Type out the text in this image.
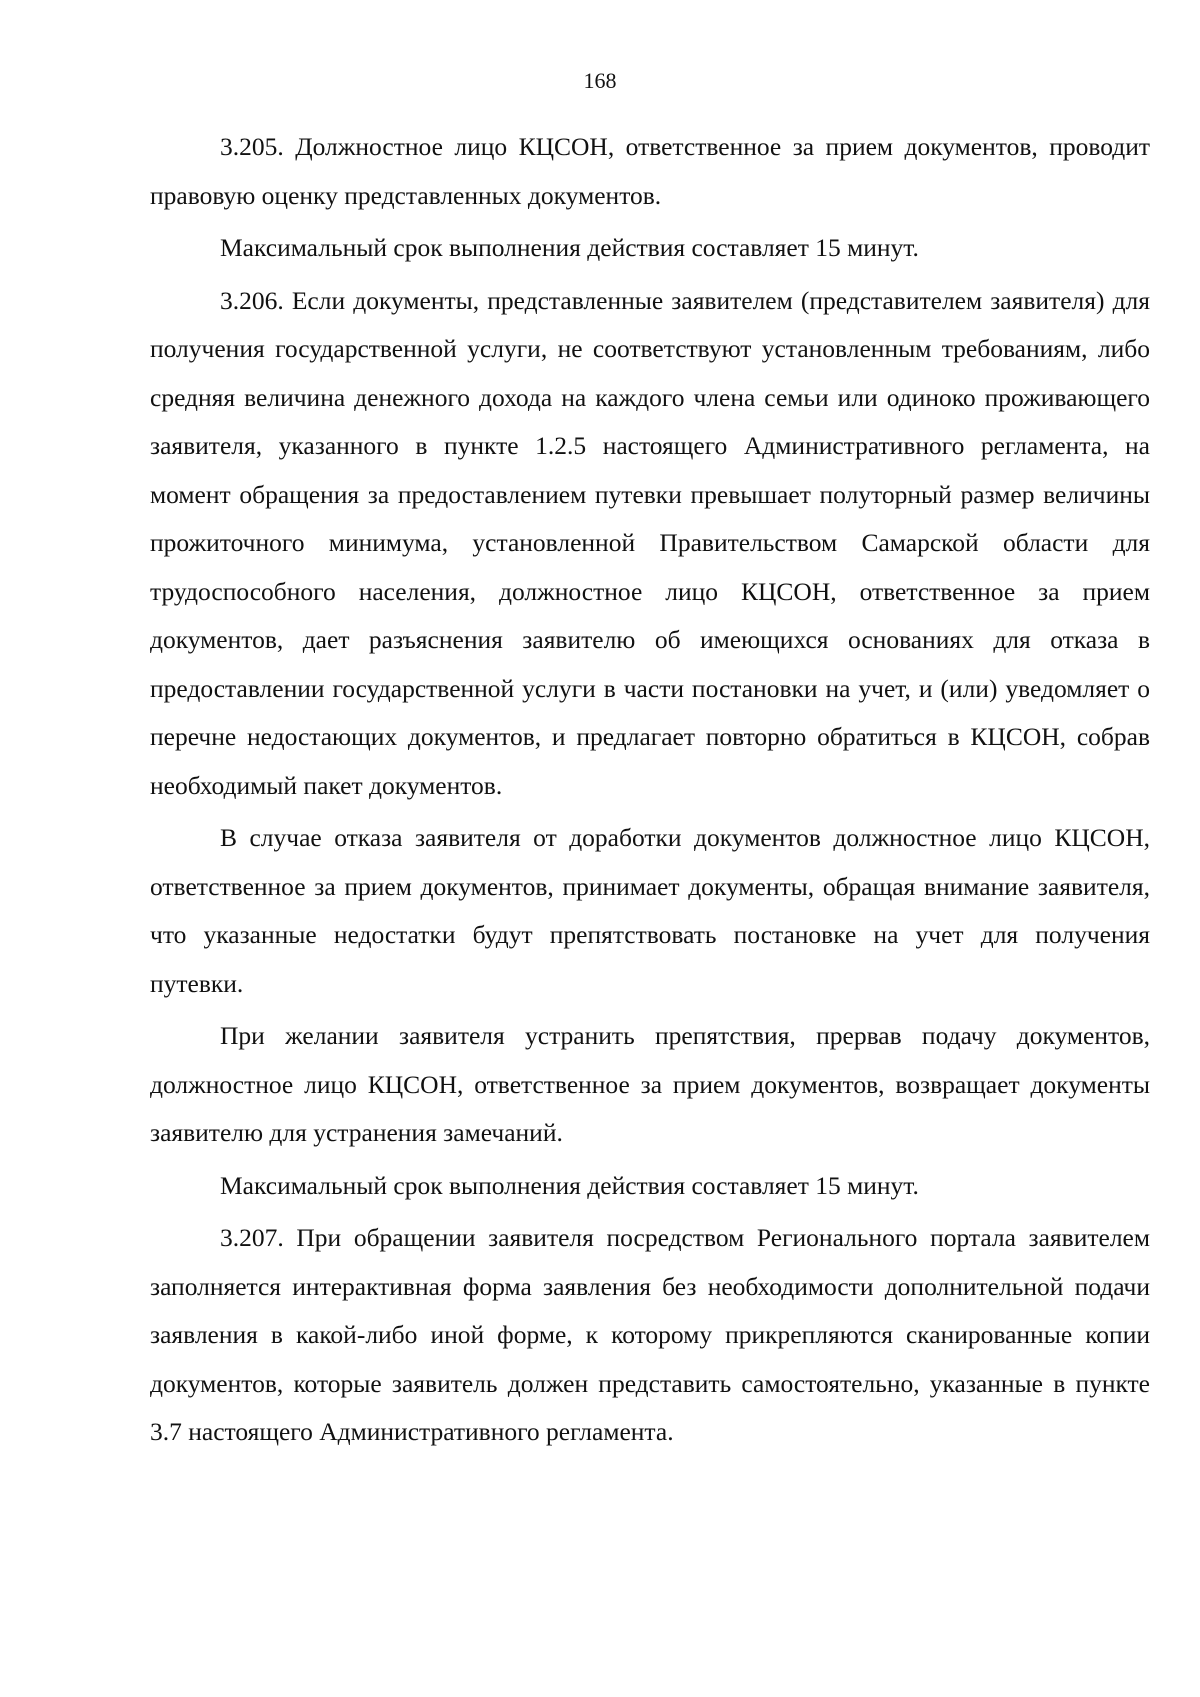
168

3.205. Должностное лицо КЦСОН, ответственное за прием документов, проводит правовую оценку представленных документов.

Максимальный срок выполнения действия составляет 15 минут.

3.206. Если документы, представленные заявителем (представителем заявителя) для получения государственной услуги, не соответствуют установленным требованиям, либо средняя величина денежного дохода на каждого члена семьи или одиноко проживающего заявителя, указанного в пункте 1.2.5 настоящего Административного регламента, на момент обращения за предоставлением путевки превышает полуторный размер величины прожиточного минимума, установленной Правительством Самарской области для трудоспособного населения, должностное лицо КЦСОН, ответственное за прием документов, дает разъяснения заявителю об имеющихся основаниях для отказа в предоставлении государственной услуги в части постановки на учет, и (или) уведомляет о перечне недостающих документов, и предлагает повторно обратиться в КЦСОН, собрав необходимый пакет документов.

В случае отказа заявителя от доработки документов должностное лицо КЦСОН, ответственное за прием документов, принимает документы, обращая внимание заявителя, что указанные недостатки будут препятствовать постановке на учет для получения путевки.

При желании заявителя устранить препятствия, прервав подачу документов, должностное лицо КЦСОН, ответственное за прием документов, возвращает документы заявителю для устранения замечаний.

Максимальный срок выполнения действия составляет 15 минут.

3.207. При обращении заявителя посредством Регионального портала заявителем заполняется интерактивная форма заявления без необходимости дополнительной подачи заявления в какой-либо иной форме, к которому прикрепляются сканированные копии документов, которые заявитель должен представить самостоятельно, указанные в пункте 3.7 настоящего Административного регламента.
